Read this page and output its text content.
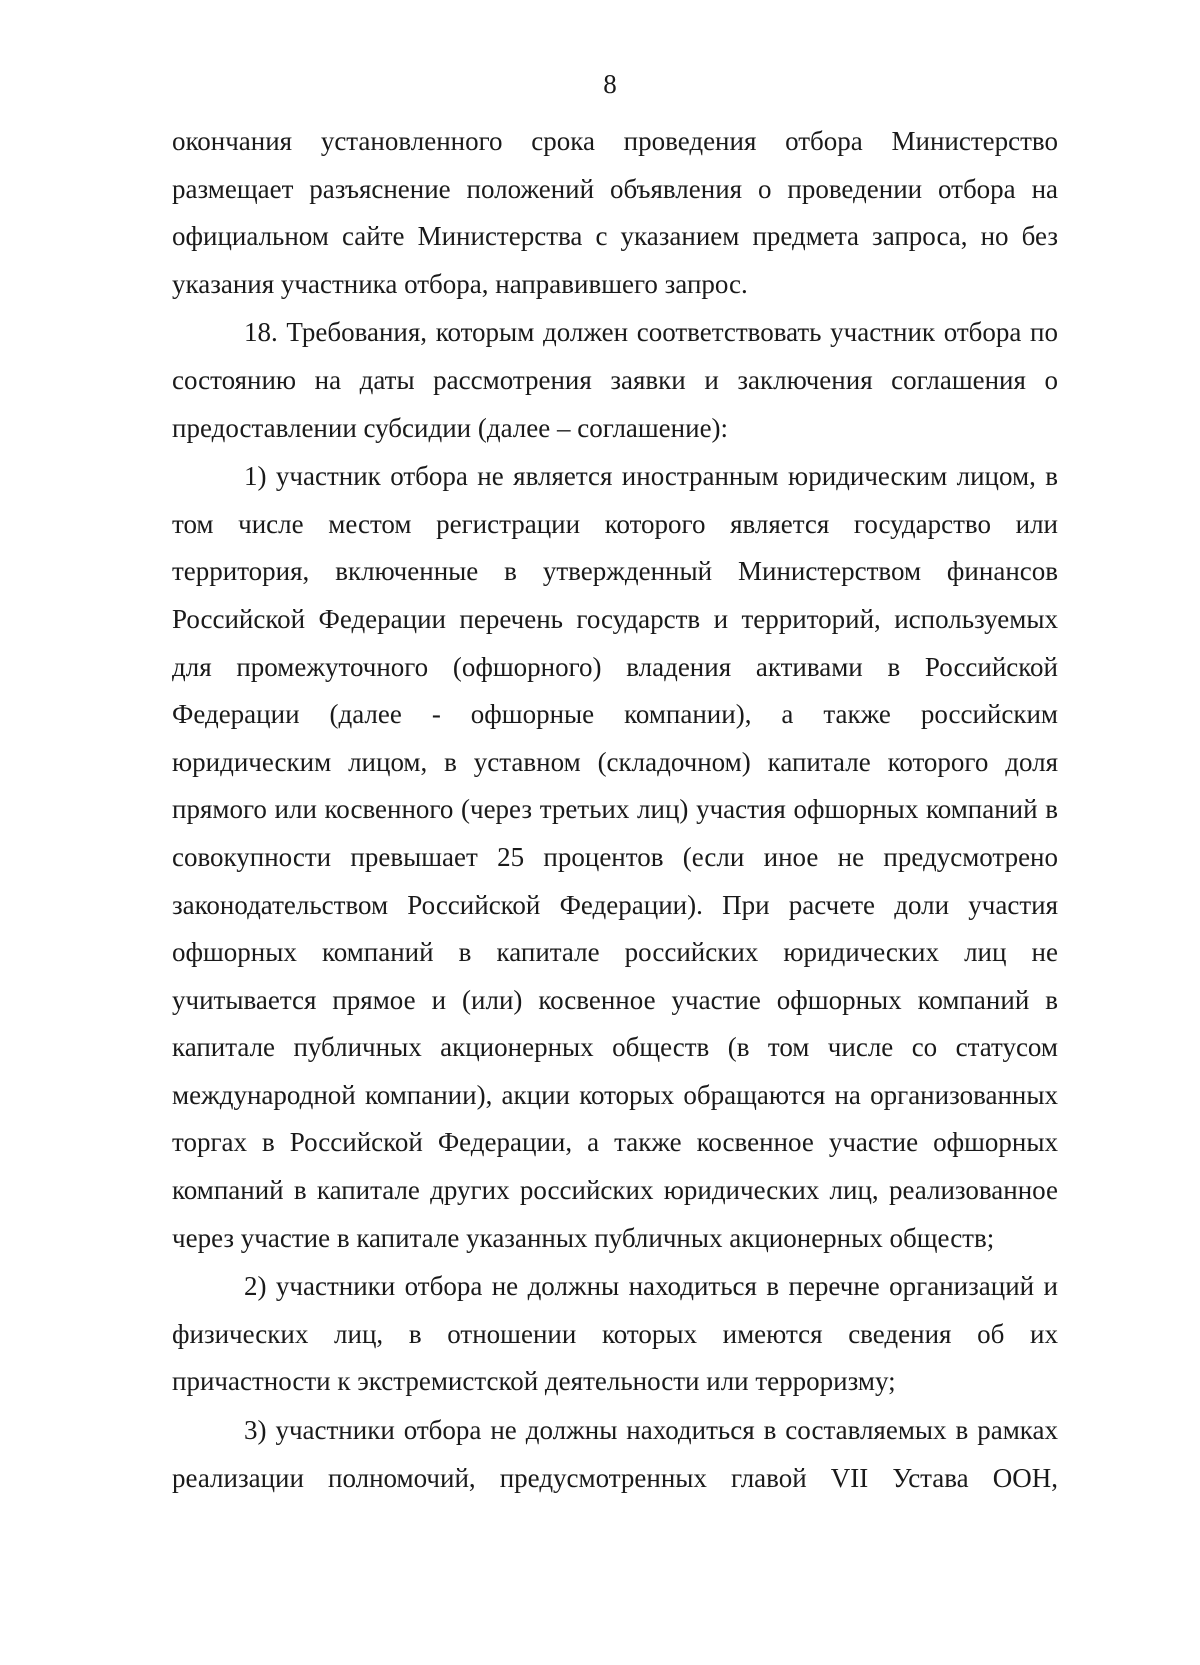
8

окончания установленного срока проведения отбора Министерство размещает разъяснение положений объявления о проведении отбора на официальном сайте Министерства с указанием предмета запроса, но без указания участника отбора, направившего запрос.

18. Требования, которым должен соответствовать участник отбора по состоянию на даты рассмотрения заявки и заключения соглашения о предоставлении субсидии (далее – соглашение):

1) участник отбора не является иностранным юридическим лицом, в том числе местом регистрации которого является государство или территория, включенные в утвержденный Министерством финансов Российской Федерации перечень государств и территорий, используемых для промежуточного (офшорного) владения активами в Российской Федерации (далее - офшорные компании), а также российским юридическим лицом, в уставном (складочном) капитале которого доля прямого или косвенного (через третьих лиц) участия офшорных компаний в совокупности превышает 25 процентов (если иное не предусмотрено законодательством Российской Федерации). При расчете доли участия офшорных компаний в капитале российских юридических лиц не учитывается прямое и (или) косвенное участие офшорных компаний в капитале публичных акционерных обществ (в том числе со статусом международной компании), акции которых обращаются на организованных торгах в Российской Федерации, а также косвенное участие офшорных компаний в капитале других российских юридических лиц, реализованное через участие в капитале указанных публичных акционерных обществ;

2) участники отбора не должны находиться в перечне организаций и физических лиц, в отношении которых имеются сведения об их причастности к экстремистской деятельности или терроризму;

3) участники отбора не должны находиться в составляемых в рамках реализации полномочий, предусмотренных главой VII Устава ООН,
